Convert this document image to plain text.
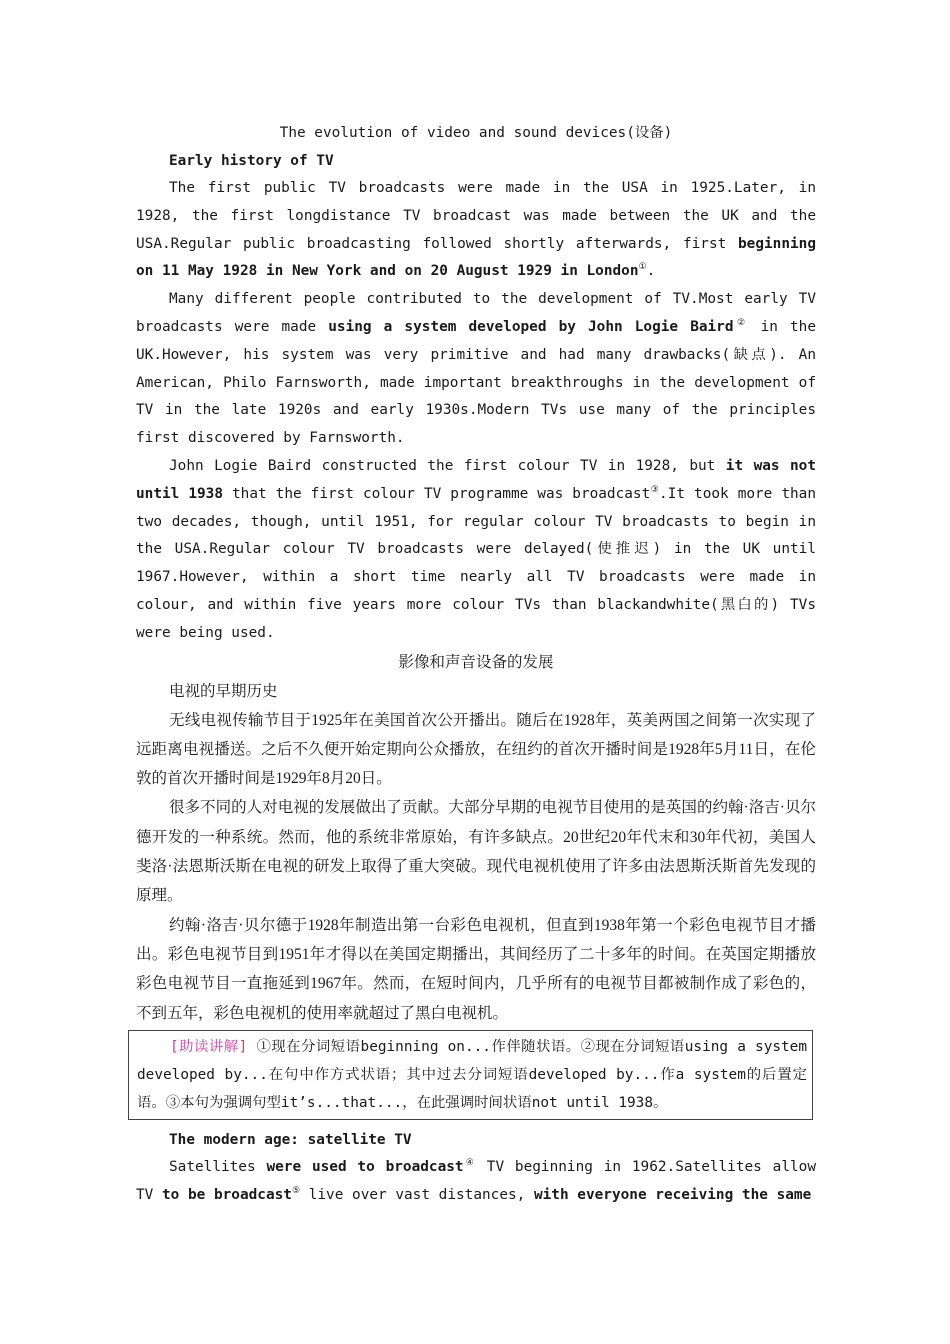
The evolution of video and sound devices(设备)
Early history of TV

The first public TV broadcasts were made in the USA in 1925.Later, in 1928, the first longdistance TV broadcast was made between the UK and the USA.Regular public broadcasting followed shortly afterwards, first beginning on 11 May 1928 in New York and on 20 August 1929 in London①.

Many different people contributed to the development of TV.Most early TV broadcasts were made using a system developed by John Logie Baird② in the UK.However, his system was very primitive and had many drawbacks(缺点). An American, Philo Farnsworth, made important breakthroughs in the development of TV in the late 1920s and early 1930s.Modern TVs use many of the principles first discovered by Farnsworth.

John Logie Baird constructed the first colour TV in 1928, but it was not until 1938 that the first colour TV programme was broadcast③.It took more than two decades, though, until 1951, for regular colour TV broadcasts to begin in the USA.Regular colour TV broadcasts were delayed(使推迟) in the UK until 1967.However, within a short time nearly all TV broadcasts were made in colour, and within five years more colour TVs than blackandwhite(黑白的) TVs were being used.

影像和声音设备的发展
电视的早期历史

无线电视传输节目于1925年在美国首次公开播出。随后在1928年，英美两国之间第一次实现了远距离电视播送。之后不久便开始定期向公众播放，在纽约的首次开播时间是1928年5月11日，在伦敦的首次开播时间是1929年8月20日。

很多不同的人对电视的发展做出了贡献。大部分早期的电视节目使用的是英国的约翰·洛吉·贝尔德开发的一种系统。然而，他的系统非常原始，有许多缺点。20世纪20年代末和30年代初，美国人斐洛·法恩斯沃斯在电视的研发上取得了重大突破。现代电视机使用了许多由法恩斯沃斯首先发现的原理。

约翰·洛吉·贝尔德于1928年制造出第一台彩色电视机，但直到1938年第一个彩色电视节目才播出。彩色电视节目到1951年才得以在美国定期播出，其间经历了二十多年的时间。在英国定期播放彩色电视节目一直拖延到1967年。然而，在短时间内，几乎所有的电视节目都被制作成了彩色的，不到五年，彩色电视机的使用率就超过了黑白电视机。

[助读讲解] ①现在分词短语beginning on...作伴随状语。②现在分词短语using a system developed by...在句中作方式状语；其中过去分词短语developed by...作a system的后置定语。③本句为强调句型it’s...that...，在此强调时间状语not until 1938。
The modern age: satellite TV

Satellites were used to broadcast④ TV beginning in 1962.Satellites allow TV to be broadcast⑤ live over vast distances, with everyone receiving the same
